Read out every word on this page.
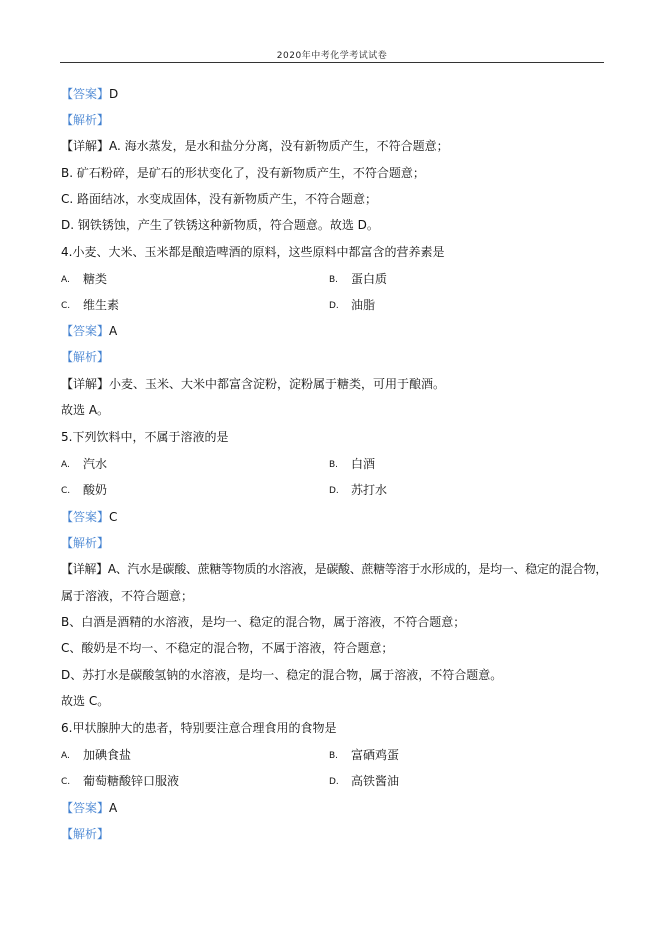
2020年中考化学考试试卷
【答案】D
【解析】
【详解】A. 海水蒸发，是水和盐分分离，没有新物质产生，不符合题意；
B. 矿石粉碎，是矿石的形状变化了，没有新物质产生，不符合题意；
C. 路面结冰，水变成固体，没有新物质产生，不符合题意；
D. 钢铁锈蚀，产生了铁锈这种新物质，符合题意。故选 D。
4.小麦、大米、玉米都是酿造啤酒的原料，这些原料中都富含的营养素是
A. 糖类	B. 蛋白质
C. 维生素	D. 油脂
【答案】A
【解析】
【详解】小麦、玉米、大米中都富含淀粉，淀粉属于糖类，可用于酿酒。
故选 A。
5.下列饮料中，不属于溶液的是
A. 汽水	B. 白酒
C. 酸奶	D. 苏打水
【答案】C
【解析】
【详解】A、汽水是碳酸、蔗糖等物质的水溶液，是碳酸、蔗糖等溶于水形成的，是均一、稳定的混合物，
属于溶液，不符合题意；
B、白酒是酒精的水溶液，是均一、稳定的混合物，属于溶液，不符合题意；
C、酸奶是不均一、不稳定的混合物，不属于溶液，符合题意；
D、苏打水是碳酸氢钠的水溶液，是均一、稳定的混合物，属于溶液，不符合题意。
故选 C。
6.甲状腺肿大的患者，特别要注意合理食用的食物是
A. 加碘食盐	B. 富硒鸡蛋
C. 葡萄糖酸锌口服液	D. 高铁酱油
【答案】A
【解析】
